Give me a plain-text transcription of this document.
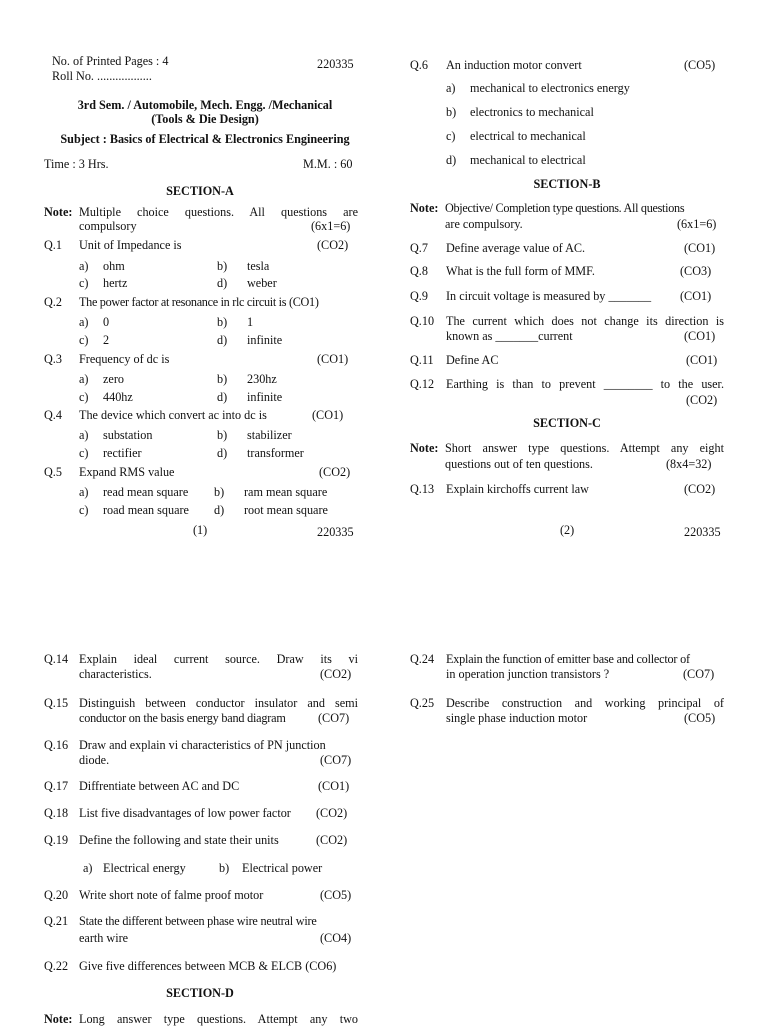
No. of Printed Pages : 4	220335
Roll No. ..................
3rd Sem. / Automobile, Mech. Engg. /Mechanical
(Tools & Die Design)
Subject : Basics of Electrical & Electronics Engineering
Time : 3 Hrs.	M.M. : 60
SECTION-A
Note: Multiple choice questions. All questions are
compulsory	(6x1=6)
Q.1 Unit of Impedance is	(CO2)
a) ohm	b) tesla
c) hertz	d) weber
Q.2 The power factor at resonance in rlc circuit is (CO1)
a) 0	b) 1
c) 2	d) infinite
Q.3 Frequency of dc is	(CO1)
a) zero	b) 230hz
c) 440hz	d) infinite
Q.4 The device which convert ac into dc is	(CO1)
a) substation	b) stabilizer
c) rectifier	d) transformer
Q.5 Expand RMS value	(CO2)
a) read mean square b) ram mean square
c) road mean square d) root mean square
(1)	220335
Q.6 An induction motor convert	(CO5)
a) mechanical to electronics energy
b) electronics to mechanical
c) electrical to mechanical
d) mechanical to electrical
SECTION-B
Note: Objective/ Completion type questions. All questions
are compulsory.	(6x1=6)
Q.7 Define average value of AC.	(CO1)
Q.8 What is the full form of MMF.	(CO3)
Q.9 In circuit voltage is measured by _______ (CO1)
Q.10 The current which does not change its direction is
known as _______current	(CO1)
Q.11 Define AC	(CO1)
Q.12 Earthing is than to prevent ________ to the user.
(CO2)
SECTION-C
Note: Short answer type questions. Attempt any eight
questions out of ten questions.	(8x4=32)
Q.13 Explain kirchoffs current law	(CO2)
(2)	220335
Q.14 Explain ideal current source. Draw its vi
characteristics.	(CO2)
Q.15 Distinguish between conductor insulator and semi
conductor on the basis energy band diagram	(CO7)
Q.16 Draw and explain vi characteristics of PN junction
diode.	(CO7)
Q.17 Diffrentiate between AC and DC	(CO1)
Q.18 List five disadvantages of low power factor (CO2)
Q.19 Define the following and state their units	(CO2)
a) Electrical energy	b) Electrical power
Q.20 Write short note of falme proof motor	(CO5)
Q.21 State the different between phase wire neutral wire
earth wire	(CO4)
Q.22 Give five differences between MCB & ELCB (CO6)
SECTION-D
Note: Long answer type questions. Attempt any two
Q.24 Explain the function of emitter base and collector of
in operation junction transistors ?	(CO7)
Q.25 Describe construction and working principal of
single phase induction motor	(CO5)
